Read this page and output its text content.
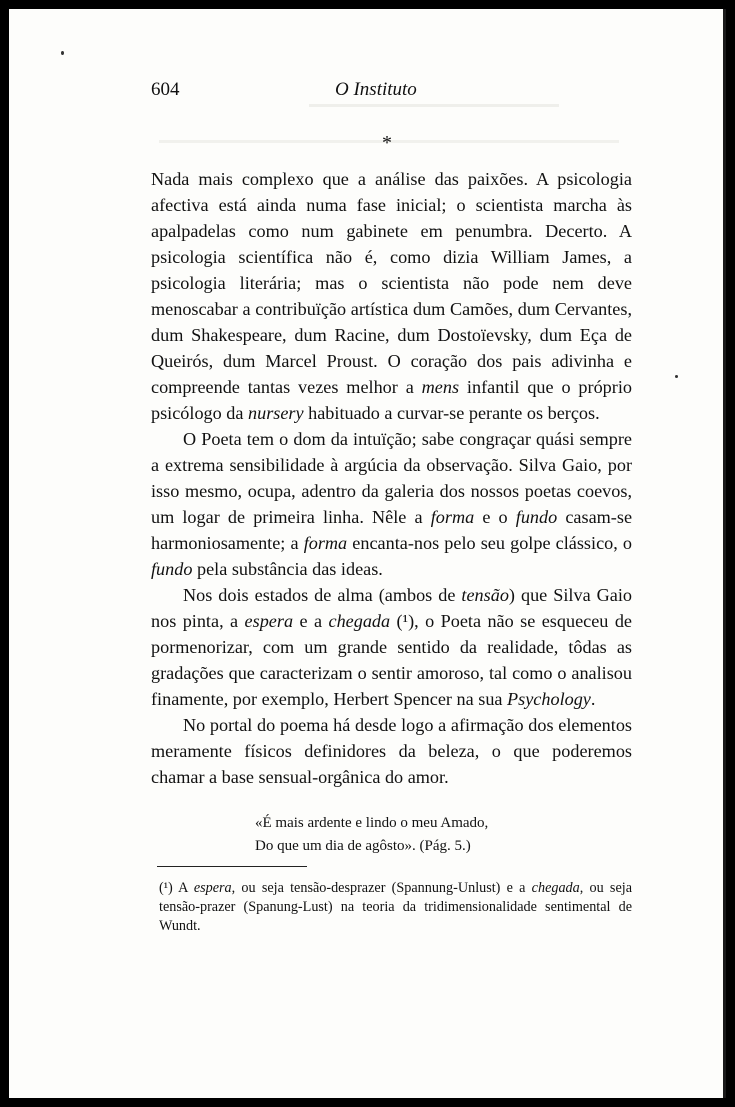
604	O Instituto
*

Nada mais complexo que a análise das paixões. A psicologia afectiva está ainda numa fase inicial; o scientista marcha às apalpadelas como num gabinete em penumbra. Decerto. A psicologia scientífica não é, como dizia William James, a psicologia literária; mas o scientista não pode nem deve menoscabar a contribuïção artística dum Camões, dum Cervantes, dum Shakespeare, dum Racine, dum Dostoïevsky, dum Eça de Queirós, dum Marcel Proust. O coração dos pais adivinha e compreende tantas vezes melhor a mens infantil que o próprio psicólogo da nursery habituado a curvar-se perante os berços.

O Poeta tem o dom da intuïção; sabe congraçar quási sempre a extrema sensibilidade à argúcia da observação. Silva Gaio, por isso mesmo, ocupa, adentro da galeria dos nossos poetas coevos, um logar de primeira linha. Nêle a forma e o fundo casam-se harmoniosamente; a forma encanta-nos pelo seu golpe clássico, o fundo pela substância das ideas.

Nos dois estados de alma (ambos de tensão) que Silva Gaio nos pinta, a espera e a chegada (¹), o Poeta não se esqueceu de pormenorizar, com um grande sentido da realidade, tôdas as gradações que caracterizam o sentir amoroso, tal como o analisou finamente, por exemplo, Herbert Spencer na sua Psychology.

No portal do poema há desde logo a afirmação dos elementos meramente físicos definidores da beleza, o que poderemos chamar a base sensual-orgânica do amor.

«É mais ardente e lindo o meu Amado,
Do que um dia de agôsto». (Pág. 5.)
(¹) A espera, ou seja tensão-desprazer (Spannung-Unlust) e a chegada, ou seja tensão-prazer (Spanung-Lust) na teoria da tridimensionalidade sentimental de Wundt.
